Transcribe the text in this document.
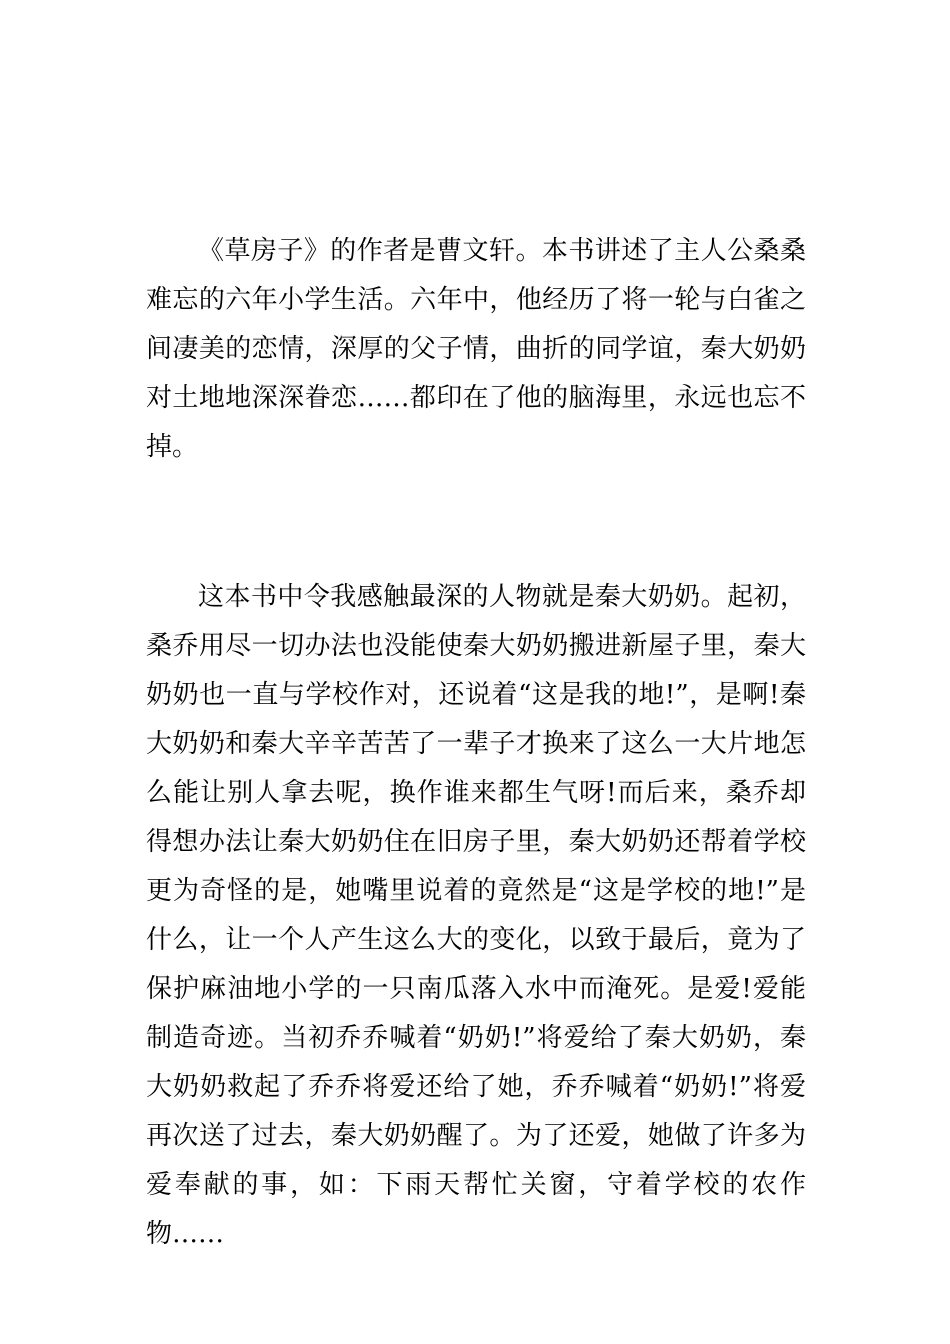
《草房子》的作者是曹文轩。本书讲述了主人公桑桑难忘的六年小学生活。六年中，他经历了将一轮与白雀之间凄美的恋情，深厚的父子情，曲折的同学谊，秦大奶奶对土地地深深眷恋……都印在了他的脑海里，永远也忘不掉。

这本书中令我感触最深的人物就是秦大奶奶。起初，桑乔用尽一切办法也没能使秦大奶奶搬进新屋子里，秦大奶奶也一直与学校作对，还说着“这是我的地!”，是啊!秦大奶奶和秦大辛辛苦苦了一辈子才换来了这么一大片地怎么能让别人拿去呢，换作谁来都生气呀!而后来，桑乔却得想办法让秦大奶奶住在旧房子里，秦大奶奶还帮着学校更为奇怪的是，她嘴里说着的竟然是“这是学校的地!”是什么，让一个人产生这么大的变化，以致于最后，竟为了保护麻油地小学的一只南瓜落入水中而淹死。是爱!爱能制造奇迹。当初乔乔喊着“奶奶!”将爱给了秦大奶奶，秦大奶奶救起了乔乔将爱还给了她，乔乔喊着“奶奶!”将爱再次送了过去，秦大奶奶醒了。为了还爱，她做了许多为爱奉献的事，如：下雨天帮忙关窗，守着学校的农作物……
